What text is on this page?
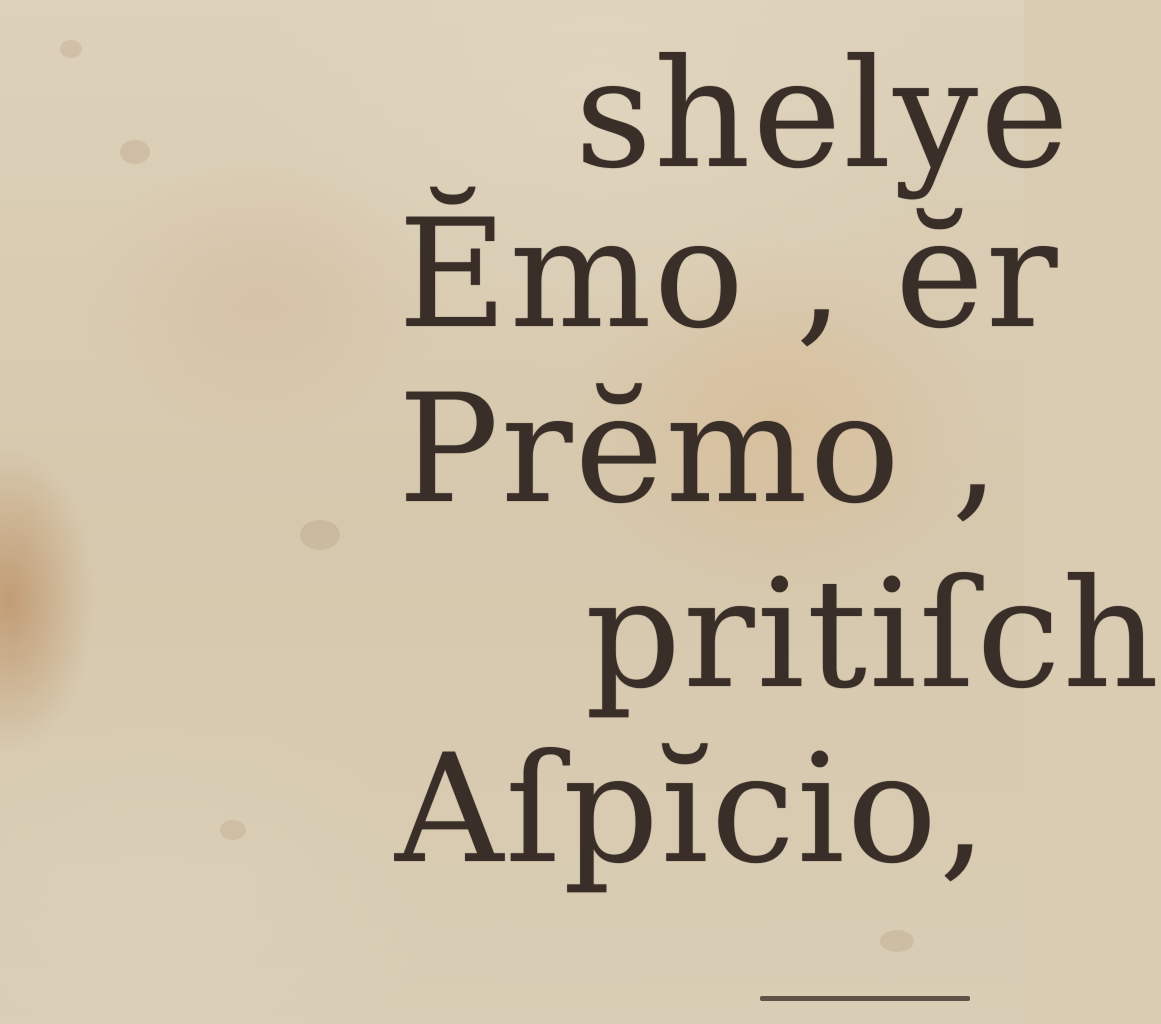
shelye

Ĕmo , ĕr

Prĕmo ,

pritiſch

Aſpĭcio,
